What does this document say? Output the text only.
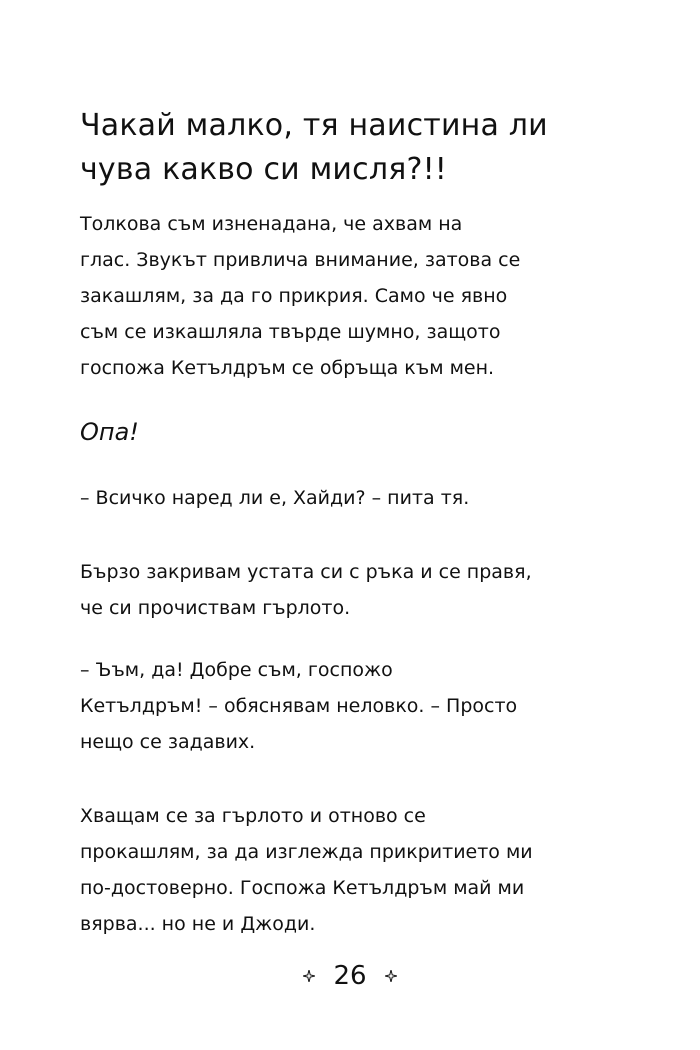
Чакай малко, тя наистина ли
чува какво си мисля?!!
Толкова съм изненадана, че ахвам на
глас. Звукът привлича внимание, затова се
закашлям, за да го прикрия. Само че явно
съм се изкашляла твърде шумно, защото
госпожа Кетълдръм се обръща към мен.
Опа!
– Всичко наред ли е, Хайди? – пита тя.
Бързо закривам устата си с ръка и се правя,
че си прочиствам гърлото.
– Ъъм, да! Добре съм, госпожо
Кетълдръм! – обяснявам неловко. – Просто
нещо се задавих.
Хващам се за гърлото и отново се
прокашлям, за да изглежда прикритието ми
по-достоверно. Госпожа Кетълдръм май ми
вярва... но не и Джоди.
26
